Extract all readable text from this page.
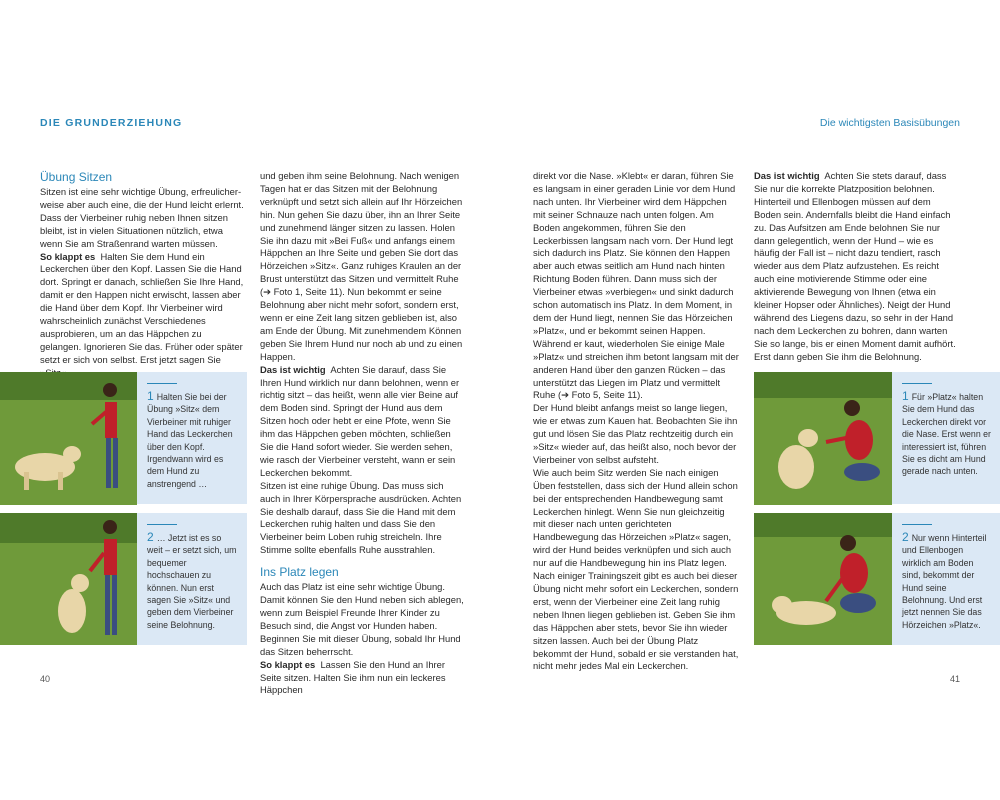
DIE GRUNDERZIEHUNG	Die wichtigsten Basisübungen
Übung Sitzen

Sitzen ist eine sehr wichtige Übung, erfreulicher-weise aber auch eine, die der Hund leicht erlernt. Dass der Vierbeiner ruhig neben Ihnen sitzen bleibt, ist in vielen Situationen nützlich, etwa wenn Sie am Straßenrand warten müssen.

So klappt es Halten Sie dem Hund ein Leckerchen über den Kopf. Lassen Sie die Hand dort. Springt er danach, schließen Sie Ihre Hand, damit er den Happen nicht erwischt, lassen aber die Hand über dem Kopf. Ihr Vierbeiner wird wahrscheinlich zunächst Verschiedenes ausprobieren, um an das Häppchen zu gelangen. Ignorieren Sie das. Früher oder später setzt er sich von selbst. Erst jetzt sagen Sie

und geben ihm seine Belohnung. Nach wenigen Tagen hat er das Sitzen mit der Belohnung verknüpft und setzt sich allein auf Ihr Hörzeichen hin. Nun gehen Sie dazu über, ihn an Ihrer Seite und zunehmend länger sitzen zu lassen. Holen Sie ihn dazu mit »Bei Fuß« und anfangs einem Häppchen an Ihre Seite und geben Sie dort das Hörzeichen »Sitz«. Ganz ruhiges Kraulen an der Brust unterstützt das Sitzen und vermittelt Ruhe (➔ Foto 1, Seite 11). Nun bekommt er seine Belohnung aber nicht mehr sofort, sondern erst, wenn er eine Zeit lang sitzen geblieben ist, also am Ende der Übung. Mit zunehmendem Können geben Sie Ihrem Hund nur noch ab und zu einen Happen.

Das ist wichtig Achten Sie darauf, dass Sie Ihren Hund wirklich nur dann belohnen, wenn er richtig sitzt – das heißt, wenn alle vier Beine auf dem Boden sind. Springt der Hund aus dem Sitzen hoch oder hebt er eine Pfote, wenn Sie ihm das Häppchen geben möchten, schließen Sie die Hand sofort wieder. Sie werden sehen, wie rasch der Vierbeiner versteht, wann er sein Leckerchen bekommt.

Sitzen ist eine ruhige Übung. Das muss sich auch in Ihrer Körpersprache ausdrücken. Achten Sie deshalb darauf, dass Sie die Hand mit dem Leckerchen ruhig halten und dass Sie den Vierbeiner beim Loben ruhig streicheln. Ihre Stimme sollte ebenfalls Ruhe ausstrahlen.

Ins Platz legen

Auch das Platz ist eine sehr wichtige Übung. Damit können Sie den Hund neben sich ablegen, wenn zum Beispiel Freunde Ihrer Kinder zu Besuch sind, die Angst vor Hunden haben. Beginnen Sie mit dieser Übung, sobald Ihr Hund das Sitzen beherrscht.

So klappt es Lassen Sie den Hund an Ihrer Seite sitzen. Halten Sie ihm nun ein leckeres Häppchen

direkt vor die Nase. »Klebt« er daran, führen Sie es langsam in einer geraden Linie vor dem Hund nach unten. Ihr Vierbeiner wird dem Häppchen mit seiner Schnauze nach unten folgen. Am Boden angekommen, führen Sie den Leckerbissen langsam nach vorn. Der Hund legt sich dadurch ins Platz. Sie können den Happen aber auch etwas seitlich am Hund nach hinten Richtung Boden führen. Dann muss sich der Vierbeiner etwas »verbiegen« und sinkt dadurch schon automatisch ins Platz. In dem Moment, in dem der Hund liegt, nennen Sie das Hörzeichen »Platz«, und er bekommt seinen Happen. Während er kaut, wiederholen Sie einige Male »Platz« und streichen ihm betont langsam mit der anderen Hand über den ganzen Rücken – das unterstützt das Liegen im Platz und vermittelt Ruhe (➔ Foto 5, Seite 11).

Der Hund bleibt anfangs meist so lange liegen, wie er etwas zum Kauen hat. Beobachten Sie ihn gut und lösen Sie das Platz rechtzeitig durch ein »Sitz« wieder auf, das heißt also, noch bevor der Vierbeiner von selbst aufsteht.

Wie auch beim Sitz werden Sie nach einigen Üben feststellen, dass sich der Hund allein schon bei der entsprechenden Handbewegung samt Leckerchen hinlegt. Wenn Sie nun gleichzeitig mit dieser nach unten gerichteten Handbewegung das Hörzeichen »Platz« sagen, wird der Hund beides verknüpfen und sich auch nur auf die Handbewegung hin ins Platz legen. Nach einiger Trainingszeit gibt es auch bei dieser Übung nicht mehr sofort ein Leckerchen, sondern erst, wenn der Vierbeiner eine Zeit lang ruhig neben Ihnen liegen geblieben ist. Geben Sie ihm das Häppchen aber stets, bevor Sie ihn wieder sitzen lassen. Auch bei der Übung Platz bekommt der Hund, sobald er sie verstanden hat, nicht mehr jedes Mal ein Leckerchen.

Das ist wichtig Achten Sie stets darauf, dass Sie nur die korrekte Platzposition belohnen. Hinterteil und Ellenbogen müssen auf dem Boden sein. Andernfalls bleibt die Hand einfach zu. Das Aufsitzen am Ende belohnen Sie nur dann gelegentlich, wenn der Hund – wie es häufig der Fall ist – nicht dazu tendiert, rasch wieder aus dem Platz aufzustehen. Es reicht auch eine motivierende Stimme oder eine aktivierende Bewegung von Ihnen (etwa ein kleiner Hopser oder Ähnliches). Neigt der Hund während des Liegens dazu, so sehr in der Hand nach dem Leckerchen zu bohren, dann warten Sie so lange, bis er einen Moment damit aufhört. Erst dann geben Sie ihm die Belohnung.

1 Halten Sie bei der Übung »Sitz« dem Vierbeiner mit ruhiger Hand das Leckerchen über den Kopf. Irgendwann wird es dem Hund zu anstrengend …
2 … Jetzt ist es so weit – er setzt sich, um bequemer hochschauen zu können. Nun erst sagen Sie »Sitz« und geben dem Vierbeiner seine Belohnung.
1 Für »Platz« halten Sie dem Hund das Leckerchen direkt vor die Nase. Erst wenn er interessiert ist, führen Sie es dicht am Hund gerade nach unten.
2 Nur wenn Hinterteil und Ellenbogen wirklich am Boden sind, bekommt der Hund seine Belohnung. Und erst jetzt nennen Sie das Hörzeichen »Platz«.
40	41
